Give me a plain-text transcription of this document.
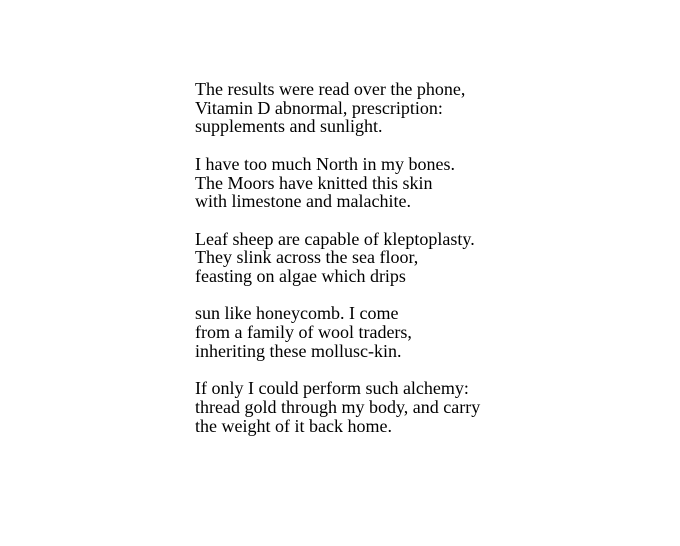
The results were read over the phone,
Vitamin D abnormal, prescription:
supplements and sunlight.
I have too much North in my bones.
The Moors have knitted this skin
with limestone and malachite.
Leaf sheep are capable of kleptoplasty.
They slink across the sea floor,
feasting on algae which drips
sun like honeycomb. I come
from a family of wool traders,
inheriting these mollusc-kin.
If only I could perform such alchemy:
thread gold through my body, and carry
the weight of it back home.
